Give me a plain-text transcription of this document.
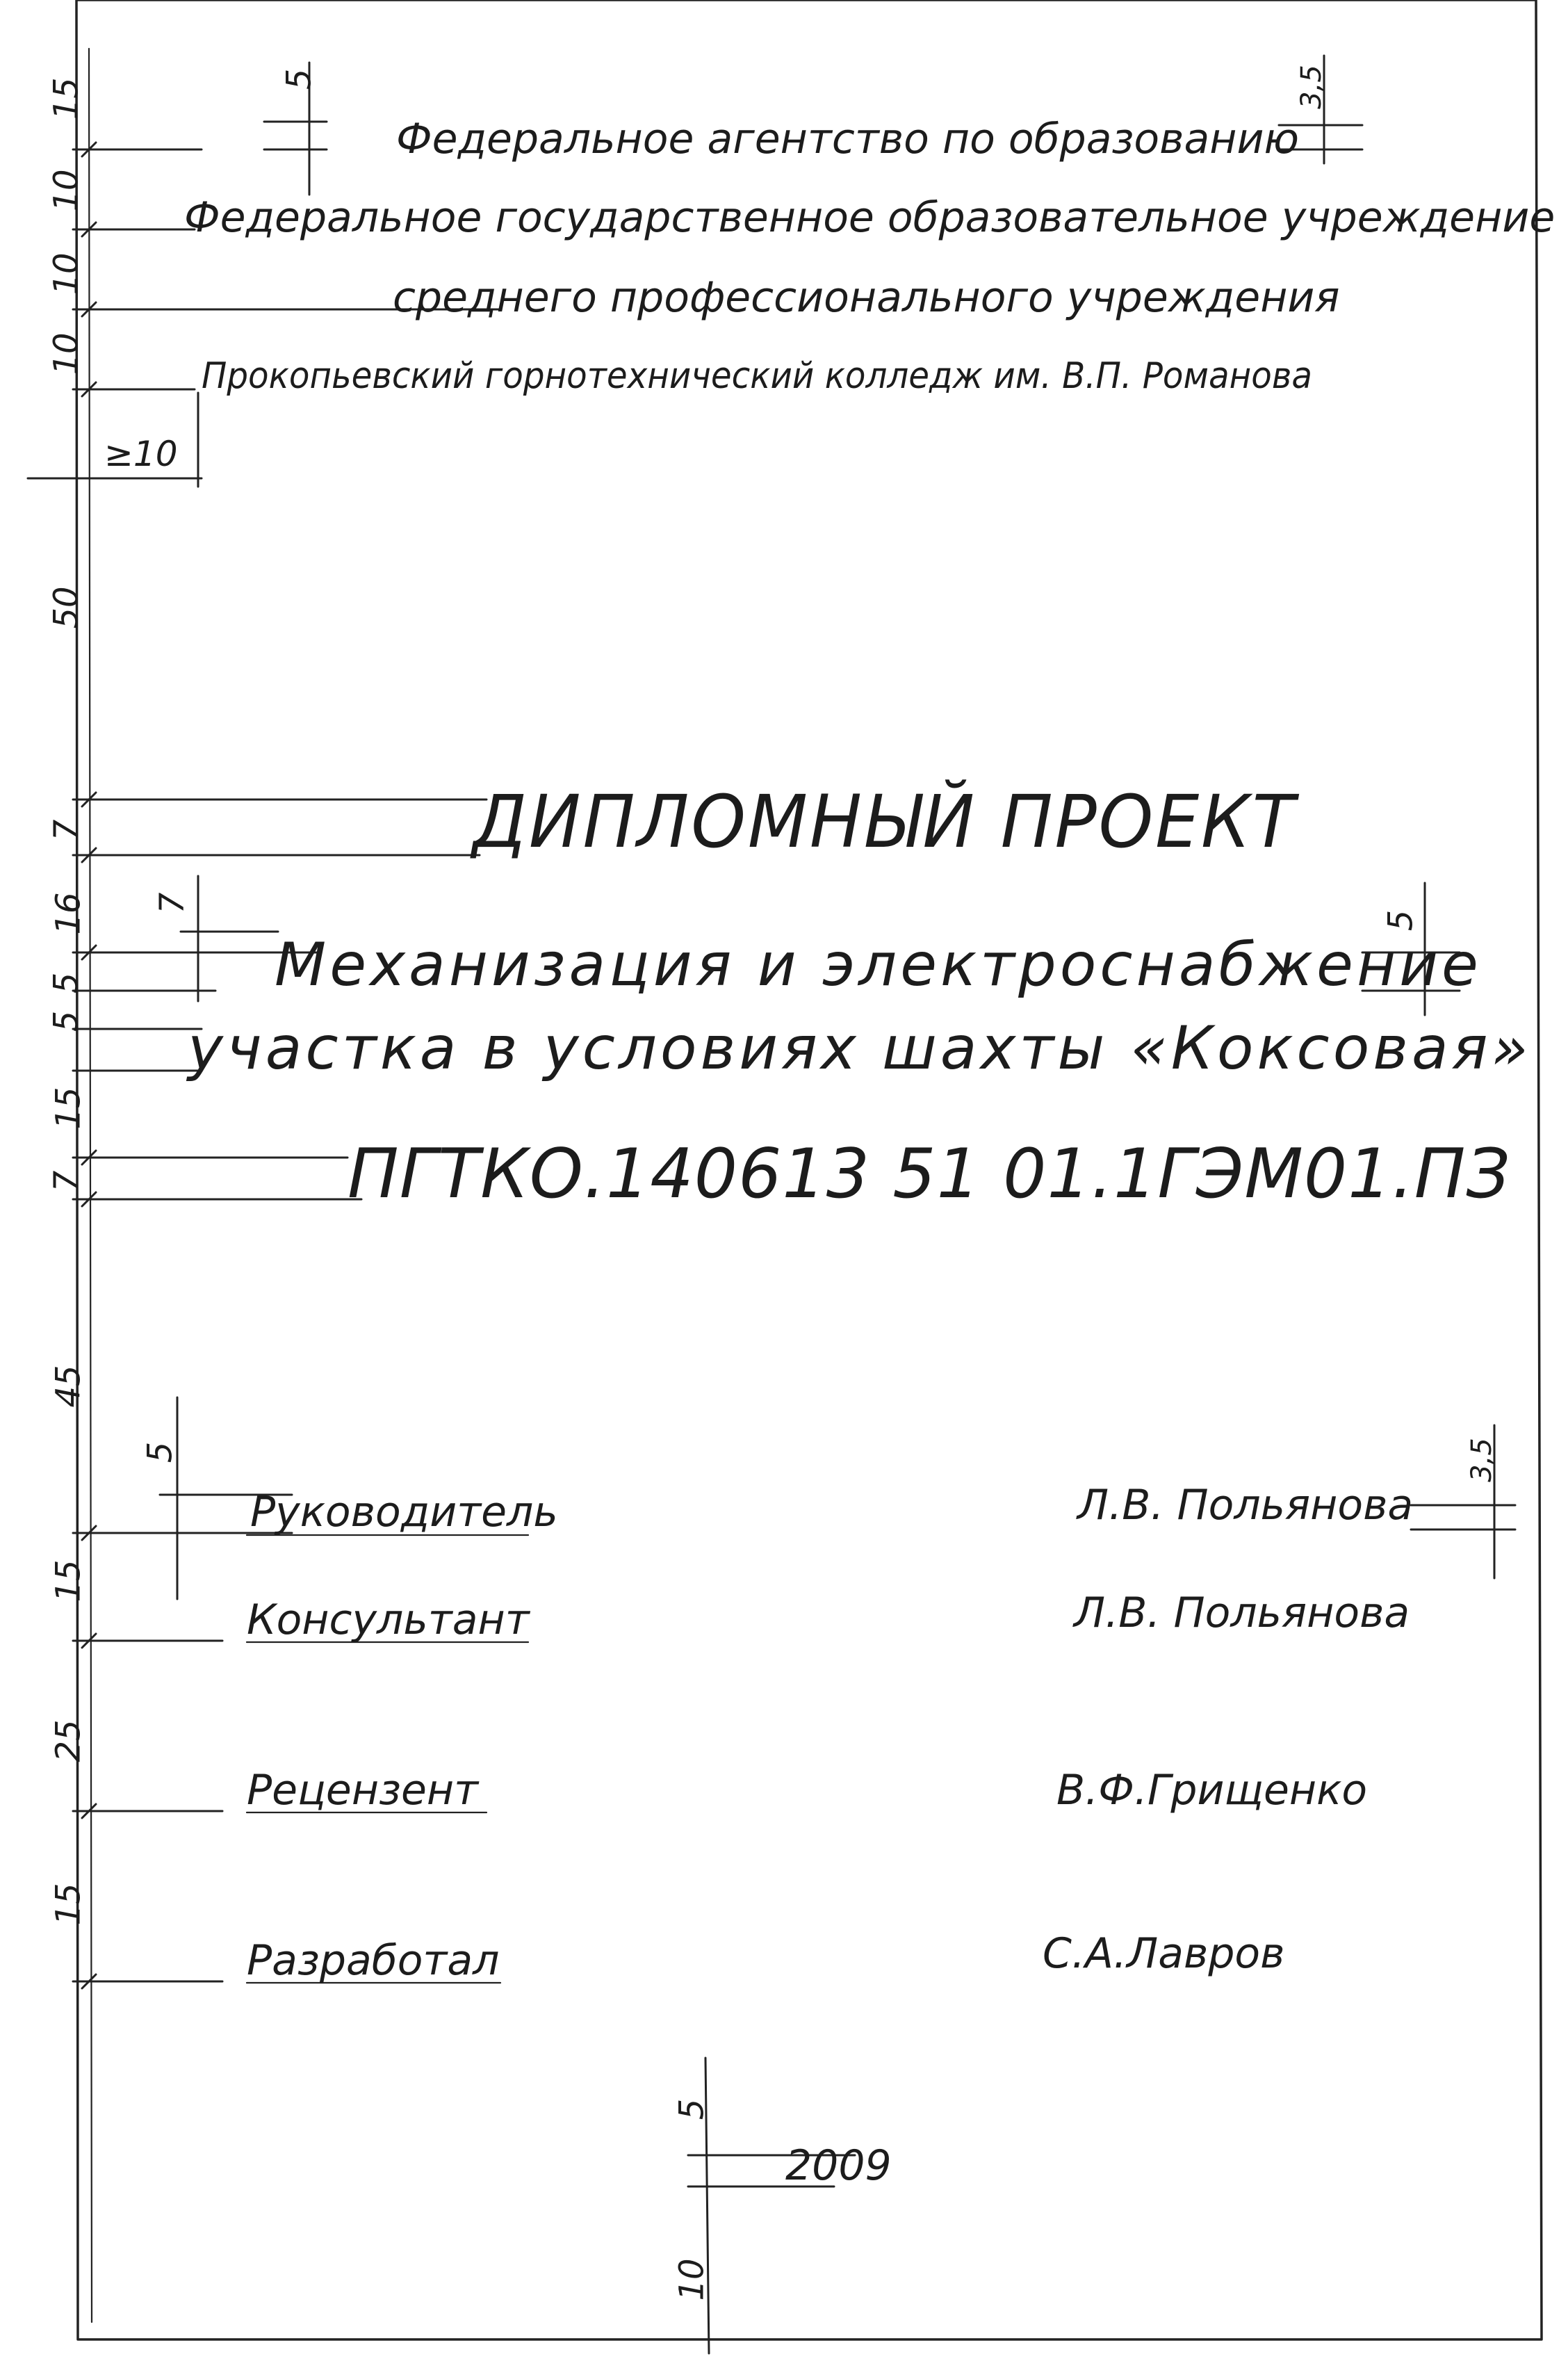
Федеральное агентство по образованию
Федеральное государственное образовательное учреждение
среднего профессионального учреждения
Прокопьевский горнотехнический колледж им. В.П. Романова
ДИПЛОМНЫЙ ПРОЕКТ
Механизация и электроснабжение
участка в условиях шахты «Коксовая»
ПГТКО.140613 51 01.1ГЭМ01.ПЗ
Руководитель	Л.В. Польянова
Консультант	Л.В. Польянова
Рецензент	В.Ф.Грищенко
Разработал	С.А.Лавров
2009
15
10
10
10
50
7
16
5
5
15
7
45
15
25
15
≥10
5	3,5
7
5
5	3,5
5
10
